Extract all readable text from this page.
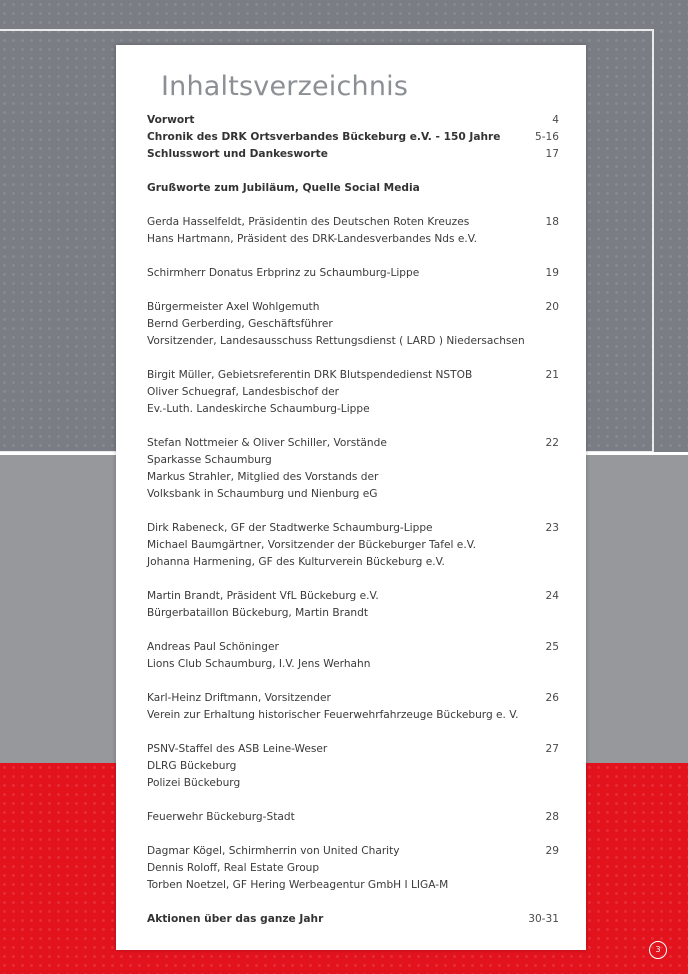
Inhaltsverzeichnis
Vorwort	4
Chronik des DRK Ortsverbandes Bückeburg e.V. - 150 Jahre	5-16
Schlusswort und Dankesworte	17
Grußworte zum Jubiläum, Quelle Social Media
Gerda Hasselfeldt, Präsidentin des Deutschen Roten Kreuzes	18
Hans Hartmann, Präsident des DRK-Landesverbandes Nds e.V.
Schirmherr Donatus Erbprinz zu Schaumburg-Lippe	19
Bürgermeister Axel Wohlgemuth	20
Bernd Gerberding, Geschäftsführer
Vorsitzender, Landesausschuss Rettungsdienst ( LARD ) Niedersachsen
Birgit Müller, Gebietsreferentin DRK Blutspendedienst NSTOB	21
Oliver Schuegraf, Landesbischof der
Ev.-Luth. Landeskirche Schaumburg-Lippe
Stefan Nottmeier & Oliver Schiller, Vorstände	22
Sparkasse Schaumburg
Markus Strahler, Mitglied des Vorstands der
Volksbank in Schaumburg und Nienburg eG
Dirk Rabeneck, GF der Stadtwerke Schaumburg-Lippe	23
Michael Baumgärtner, Vorsitzender der Bückeburger Tafel e.V.
Johanna Harmening, GF des Kulturverein Bückeburg e.V.
Martin Brandt, Präsident VfL Bückeburg e.V.	24
Bürgerbataillon Bückeburg, Martin Brandt
Andreas Paul Schöninger	25
Lions Club Schaumburg, I.V. Jens Werhahn
Karl-Heinz Driftmann, Vorsitzender	26
Verein zur Erhaltung historischer Feuerwehrfahrzeuge Bückeburg e. V.
PSNV-Staffel des ASB Leine-Weser	27
DLRG Bückeburg
Polizei Bückeburg
Feuerwehr Bückeburg-Stadt	28
Dagmar Kögel, Schirmherrin von United Charity	29
Dennis Roloff, Real Estate Group
Torben Noetzel, GF Hering Werbeagentur GmbH I LIGA-M
Aktionen über das ganze Jahr	30-31
3
